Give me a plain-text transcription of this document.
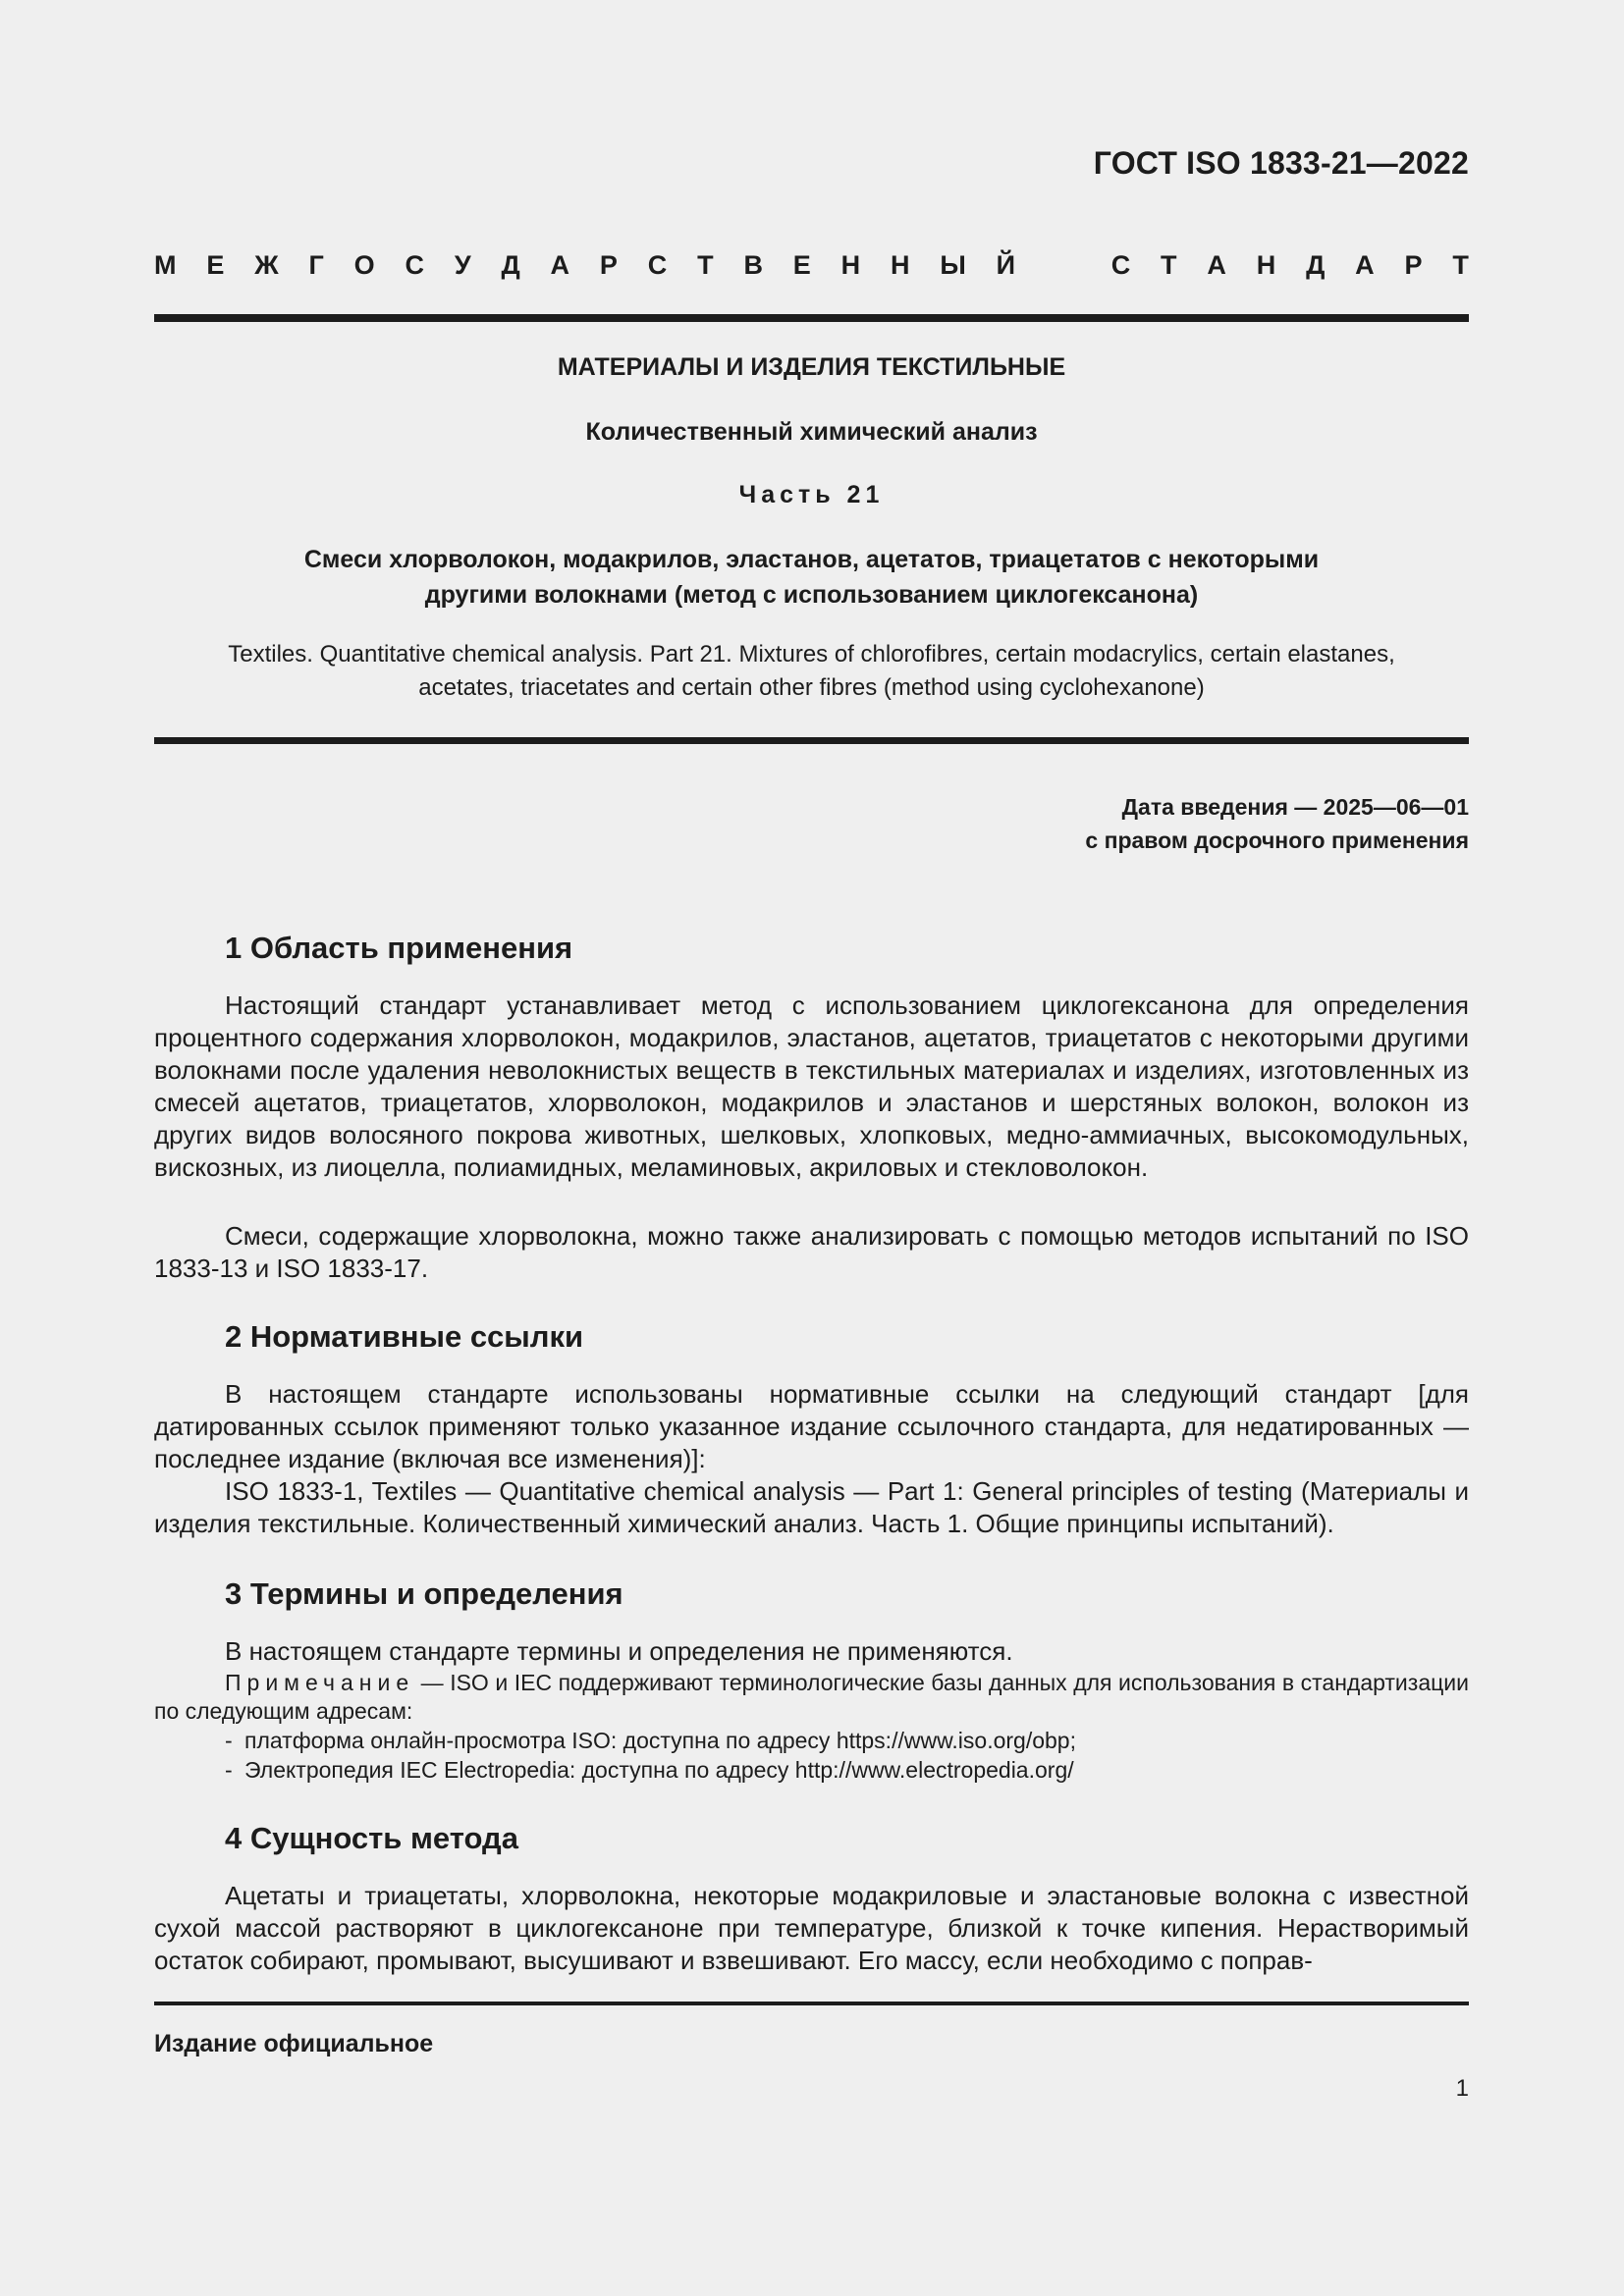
ГОСТ ISO 1833-21—2022
М Е Ж Г О С У Д А Р С Т В Е Н Н Ы Й	С Т А Н Д А Р Т
МАТЕРИАЛЫ И ИЗДЕЛИЯ ТЕКСТИЛЬНЫЕ
Количественный химический анализ
Часть 21
Смеси хлорволокон, модакрилов, эластанов, ацетатов, триацетатов с некоторыми
другими волокнами (метод с использованием циклогексанона)
Textiles. Quantitative chemical analysis. Part 21. Mixtures of chlorofibres, certain modacrylics, certain elastanes,
acetates, triacetates and certain other fibres (method using cyclohexanone)
Дата введения — 2025—06—01
с правом досрочного применения
1 Область применения

Настоящий стандарт устанавливает метод с использованием циклогексанона для определения процентного содержания хлорволокон, модакрилов, эластанов, ацетатов, триацетатов с некоторыми другими волокнами после удаления неволокнистых веществ в текстильных материалах и изделиях, изготовленных из смесей ацетатов, триацетатов, хлорволокон, модакрилов и эластанов и шерстяных волокон, волокон из других видов волосяного покрова животных, шелковых, хлопковых, медно-аммиачных, высокомодульных, вискозных, из лиоцелла, полиамидных, меламиновых, акриловых и стекловолокон.

Смеси, содержащие хлорволокна, можно также анализировать с помощью методов испытаний по ISO 1833-13 и ISO 1833-17.

2 Нормативные ссылки

В настоящем стандарте использованы нормативные ссылки на следующий стандарт [для датированных ссылок применяют только указанное издание ссылочного стандарта, для недатированных — последнее издание (включая все изменения)]:

ISO 1833-1, Textiles — Quantitative chemical analysis — Part 1: General principles of testing (Материалы и изделия текстильные. Количественный химический анализ. Часть 1. Общие принципы испытаний).

3 Термины и определения

В настоящем стандарте термины и определения не применяются.

Примечание — ISO и IEC поддерживают терминологические базы данных для использования в стандартизации по следующим адресам:

- платформа онлайн-просмотра ISO: доступна по адресу https://www.iso.org/obp;
- Электропедия IEC Electropedia: доступна по адресу http://www.electropedia.org/
4 Сущность метода

Ацетаты и триацетаты, хлорволокна, некоторые модакриловые и эластановые волокна с известной сухой массой растворяют в циклогексаноне при температуре, близкой к точке кипения. Нерастворимый остаток собирают, промывают, высушивают и взвешивают. Его массу, если необходимо с поправ-

Издание официальное
1
